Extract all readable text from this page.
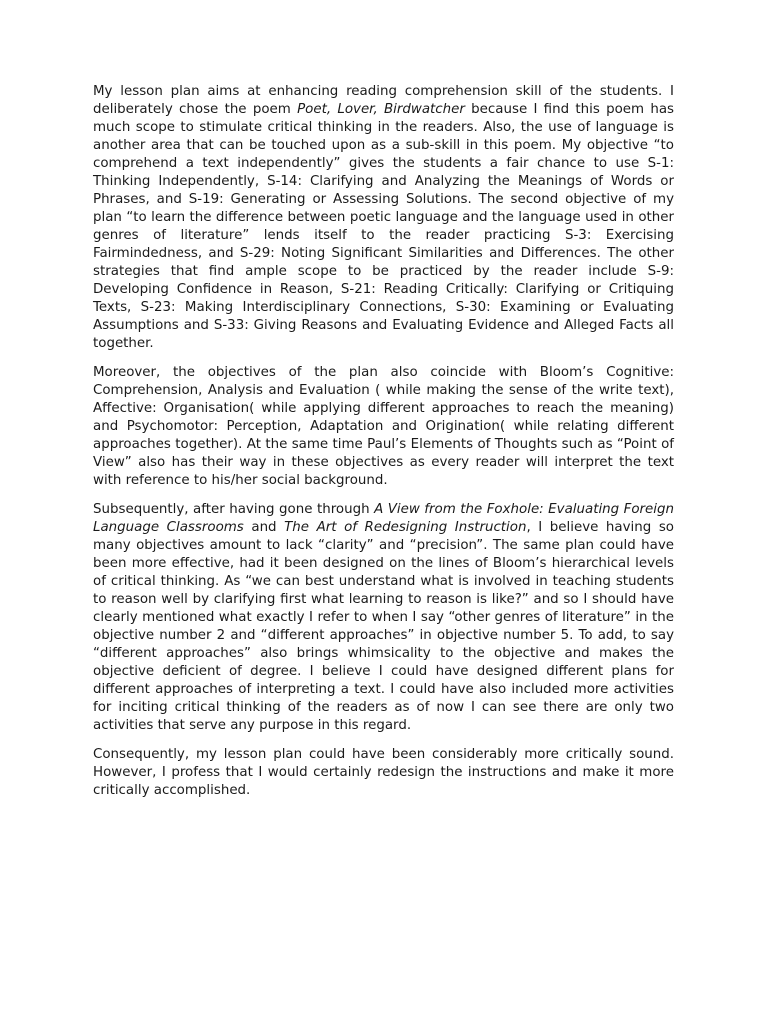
My lesson plan aims at enhancing reading comprehension skill of the students. I deliberately chose the poem Poet, Lover, Birdwatcher because I find this poem has much scope to stimulate critical thinking in the readers. Also, the use of language is another area that can be touched upon as a sub-skill in this poem. My objective “to comprehend a text independently” gives the students a fair chance to use S-1: Thinking Independently, S-14: Clarifying and Analyzing the Meanings of Words or Phrases, and S-19: Generating or Assessing Solutions. The second objective of my plan “to learn the difference between poetic language and the language used in other genres of literature” lends itself to the reader practicing S-3: Exercising Fairmindedness, and S-29: Noting Significant Similarities and Differences. The other strategies that find ample scope to be practiced by the reader include S-9: Developing Confidence in Reason, S-21: Reading Critically: Clarifying or Critiquing Texts, S-23: Making Interdisciplinary Connections, S-30: Examining or Evaluating Assumptions and S-33: Giving Reasons and Evaluating Evidence and Alleged Facts all together.

Moreover, the objectives of the plan also coincide with Bloom’s Cognitive: Comprehension, Analysis and Evaluation ( while making the sense of the write text), Affective: Organisation( while applying different approaches to reach the meaning) and Psychomotor: Perception, Adaptation and Origination( while relating different approaches together). At the same time Paul’s Elements of Thoughts such as “Point of View” also has their way in these objectives as every reader will interpret the text with reference to his/her social background.

Subsequently, after having gone through A View from the Foxhole: Evaluating Foreign Language Classrooms and The Art of Redesigning Instruction, I believe having so many objectives amount to lack “clarity” and “precision”. The same plan could have been more effective, had it been designed on the lines of Bloom’s hierarchical levels of critical thinking. As “we can best understand what is involved in teaching students to reason well by clarifying first what learning to reason is like?” and so I should have clearly mentioned what exactly I refer to when I say “other genres of literature” in the objective number 2 and “different approaches” in objective number 5. To add, to say “different approaches” also brings whimsicality to the objective and makes the objective deficient of degree. I believe I could have designed different plans for different approaches of interpreting a text. I could have also included more activities for inciting critical thinking of the readers as of now I can see there are only two activities that serve any purpose in this regard.

Consequently, my lesson plan could have been considerably more critically sound. However, I profess that I would certainly redesign the instructions and make it more critically accomplished.
